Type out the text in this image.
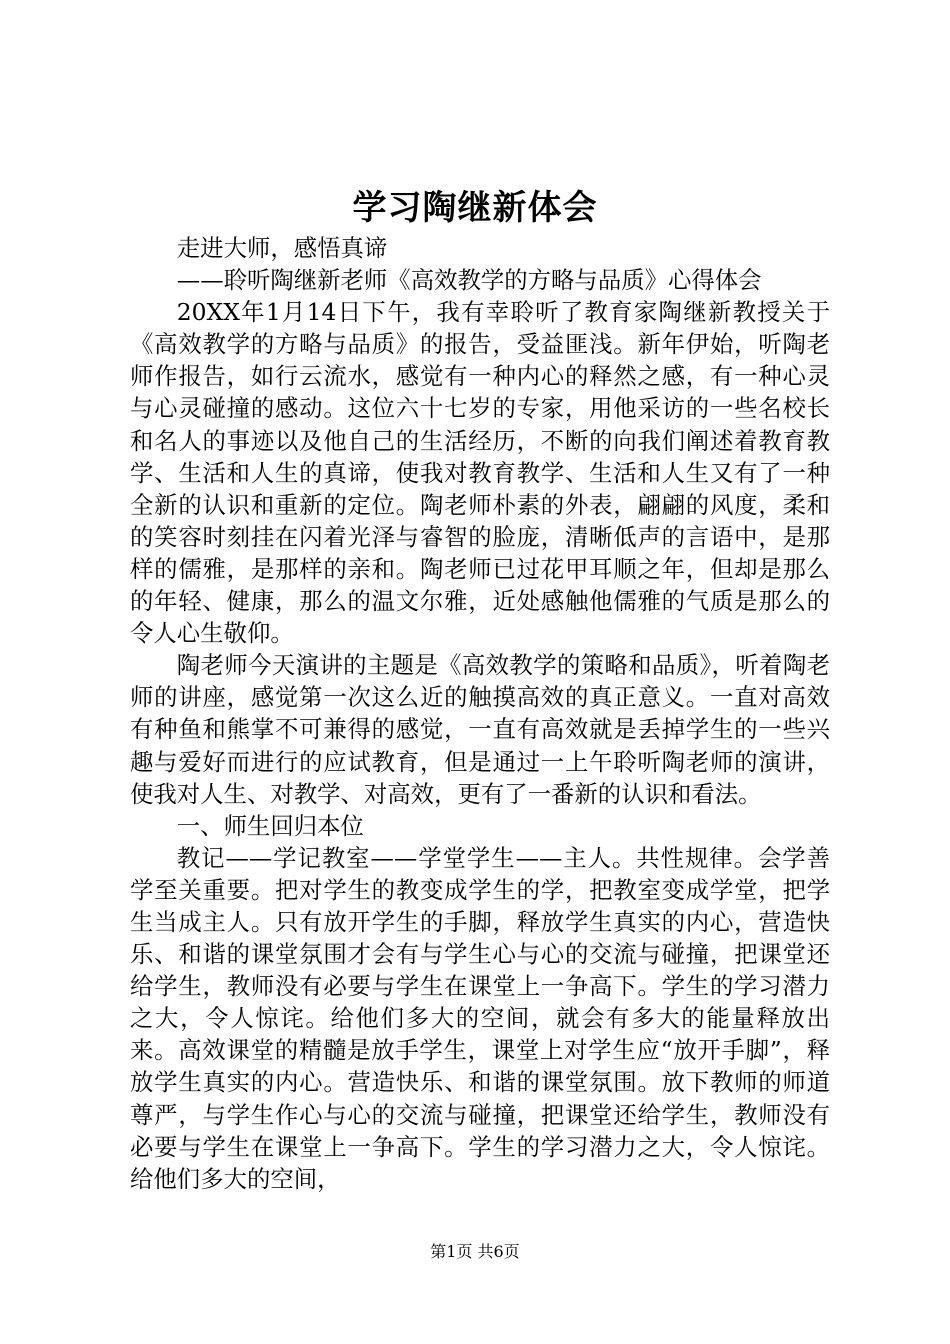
学习陶继新体会

走进大师，感悟真谛

——聆听陶继新老师《高效教学的方略与品质》心得体会

20XX年1月14日下午，我有幸聆听了教育家陶继新教授关于《高效教学的方略与品质》的报告，受益匪浅。新年伊始，听陶老师作报告，如行云流水，感觉有一种内心的释然之感，有一种心灵与心灵碰撞的感动。这位六十七岁的专家，用他采访的一些名校长和名人的事迹以及他自己的生活经历，不断的向我们阐述着教育教学、生活和人生的真谛，使我对教育教学、生活和人生又有了一种全新的认识和重新的定位。陶老师朴素的外表，翩翩的风度，柔和的笑容时刻挂在闪着光泽与睿智的脸庞，清晰低声的言语中，是那样的儒雅，是那样的亲和。陶老师已过花甲耳顺之年，但却是那么的年轻、健康，那么的温文尔雅，近处感触他儒雅的气质是那么的令人心生敬仰。

陶老师今天演讲的主题是《高效教学的策略和品质》，听着陶老师的讲座，感觉第一次这么近的触摸高效的真正意义。一直对高效有种鱼和熊掌不可兼得的感觉，一直有高效就是丢掉学生的一些兴趣与爱好而进行的应试教育，但是通过一上午聆听陶老师的演讲，使我对人生、对教学、对高效，更有了一番新的认识和看法。

一、师生回归本位

教记——学记教室——学堂学生——主人。共性规律。会学善学至关重要。把对学生的教变成学生的学，把教室变成学堂，把学生当成主人。只有放开学生的手脚，释放学生真实的内心，营造快乐、和谐的课堂氛围才会有与学生心与心的交流与碰撞，把课堂还给学生，教师没有必要与学生在课堂上一争高下。学生的学习潜力之大，令人惊诧。给他们多大的空间，就会有多大的能量释放出来。高效课堂的精髓是放手学生，课堂上对学生应“放开手脚”，释放学生真实的内心。营造快乐、和谐的课堂氛围。放下教师的师道尊严，与学生作心与心的交流与碰撞，把课堂还给学生，教师没有必要与学生在课堂上一争高下。学生的学习潜力之大，令人惊诧。给他们多大的空间，

第1页 共6页
